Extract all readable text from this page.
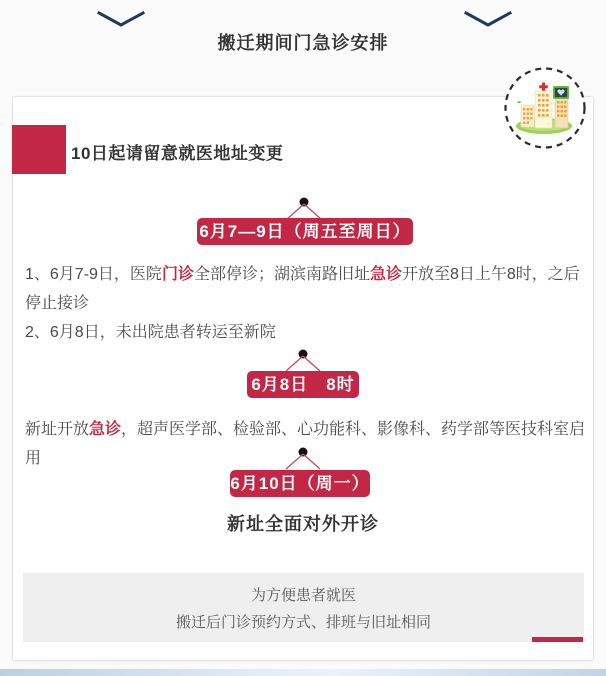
搬迁期间门急诊安排
10日起请留意就医地址变更
6月7—9日（周五至周日）
1、6月7-9日，医院门诊全部停诊；湖滨南路旧址急诊开放至8日上午8时，之后停止接诊
2、6月8日，未出院患者转运至新院
6月8日　8时
新址开放急诊，超声医学部、检验部、心功能科、影像科、药学部等医技科室启用
6月10日（周一）
新址全面对外开诊
为方便患者就医
搬迁后门诊预约方式、排班与旧址相同
